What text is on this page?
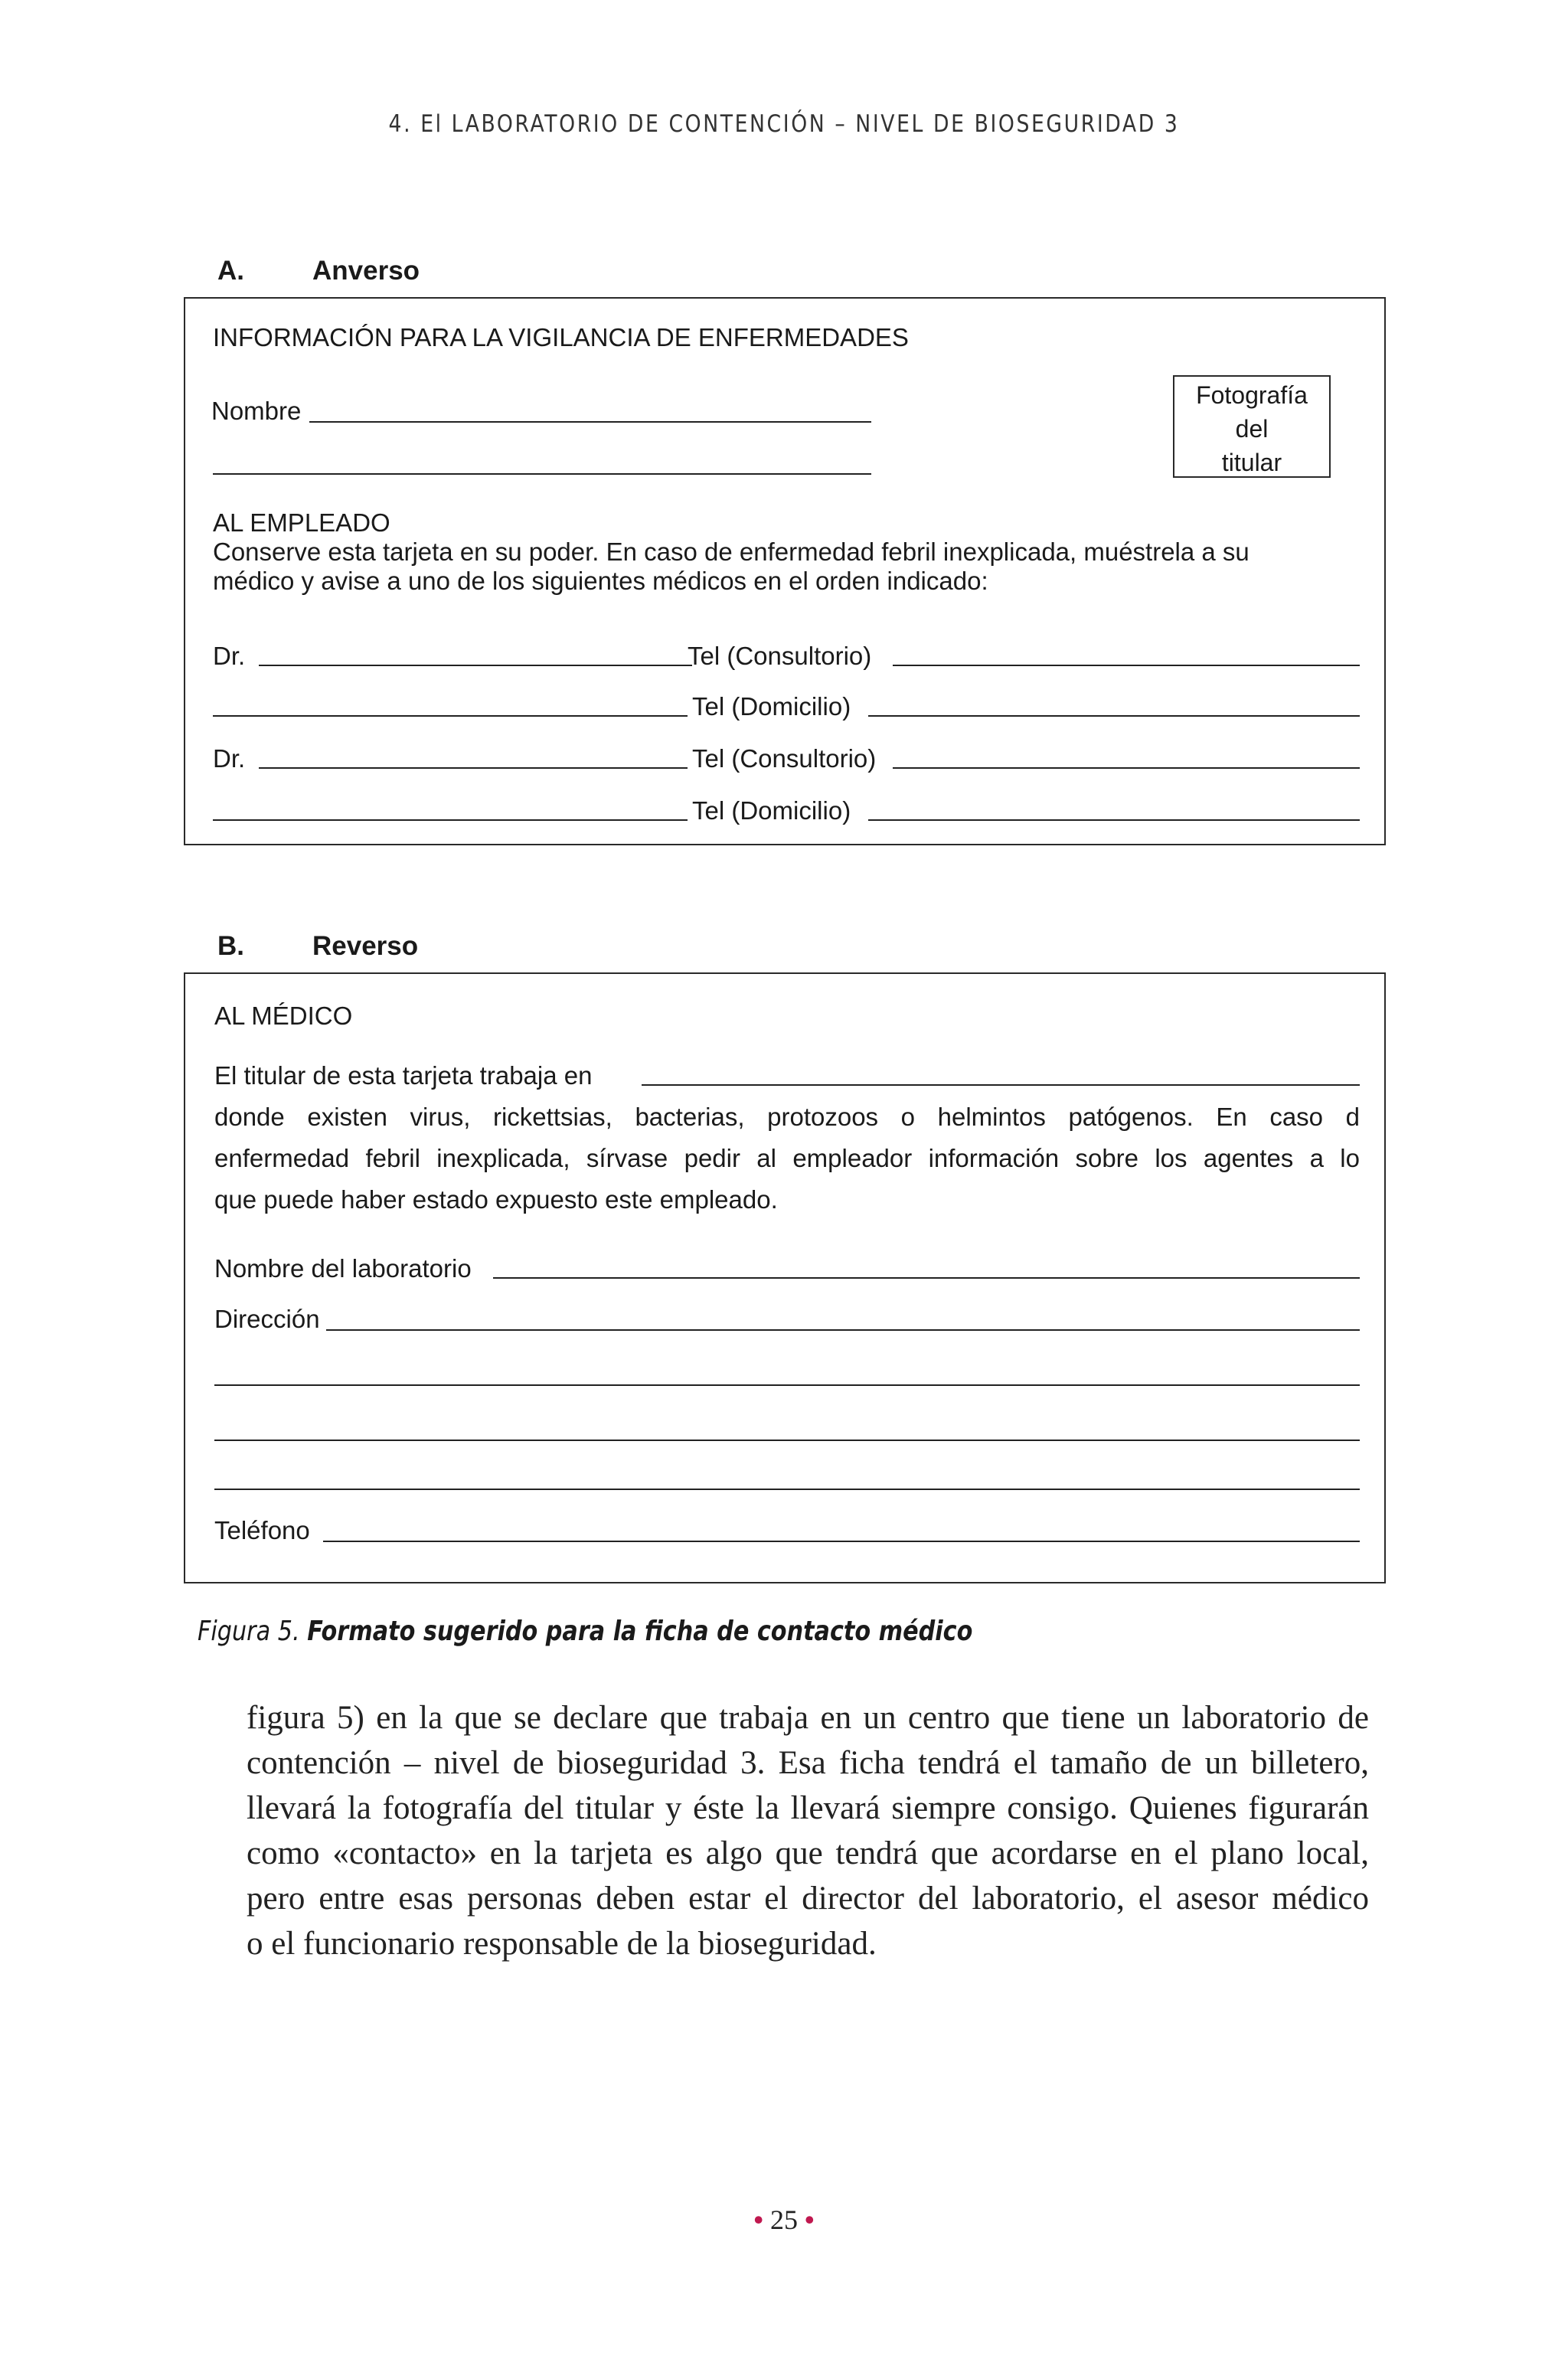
4. El LABORATORIO DE CONTENCIÓN – NIVEL DE BIOSEGURIDAD 3
A.	Anverso
INFORMACIÓN PARA LA VIGILANCIA DE ENFERMEDADES
Nombre
Fotografía
del
titular
AL EMPLEADO
Conserve esta tarjeta en su poder. En caso de enfermedad febril inexplicada, muéstrela a su
médico y avise a uno de los siguientes médicos en el orden indicado:
Dr.	Tel (Consultorio)
Tel (Domicilio)
Dr.	Tel (Consultorio)
Tel (Domicilio)
B.	Reverso
AL MÉDICO
El titular de esta tarjeta trabaja en
donde existen virus, rickettsias, bacterias, protozoos o helmintos patógenos. En caso d
enfermedad febril inexplicada, sírvase pedir al empleador información sobre los agentes a lo
que puede haber estado expuesto este empleado.
Nombre del laboratorio
Dirección
Teléfono
Figura 5. Formato sugerido para la ficha de contacto médico
figura 5) en la que se declare que trabaja en un centro que tiene un laboratorio de
contención – nivel de bioseguridad 3. Esa ficha tendrá el tamaño de un billetero,
llevará la fotografía del titular y éste la llevará siempre consigo. Quienes figurarán
como «contacto» en la tarjeta es algo que tendrá que acordarse en el plano local,
pero entre esas personas deben estar el director del laboratorio, el asesor médico
o el funcionario responsable de la bioseguridad.
• 25 •
